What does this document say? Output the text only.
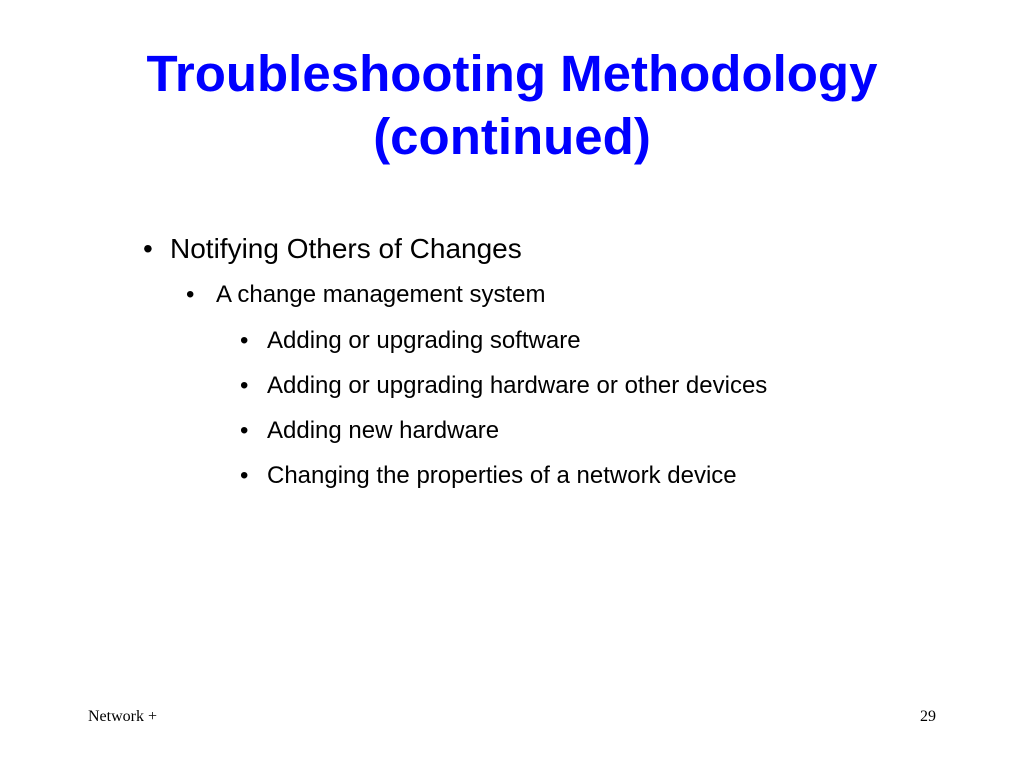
Troubleshooting Methodology
(continued)
• Notifying Others of Changes
• A change management system
• Adding or upgrading software
• Adding or upgrading hardware or other devices
• Adding new hardware
• Changing the properties of a network device
Network +	29
